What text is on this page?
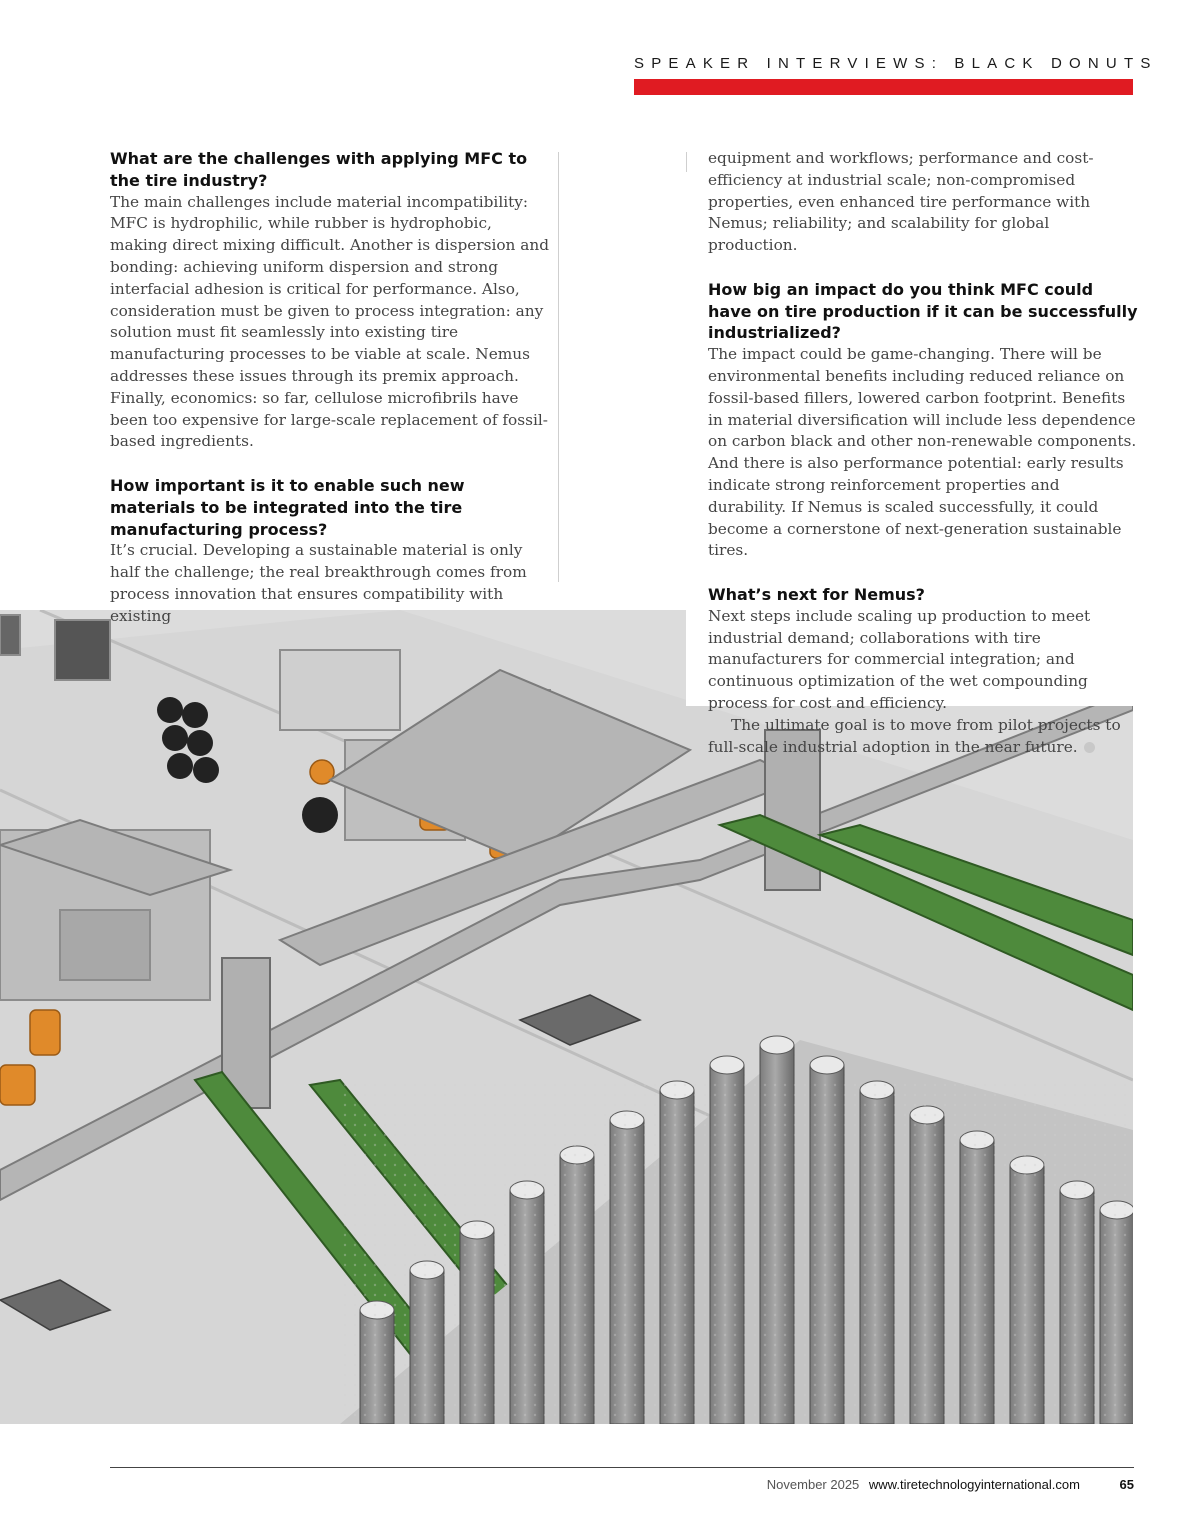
SPEAKER INTERVIEWS: BLACK DONUTS
What are the challenges with applying MFC to the tire industry?

The main challenges include material incompatibility: MFC is hydrophilic, while rubber is hydrophobic, making direct mixing difficult. Another is dispersion and bonding: achieving uniform dispersion and strong interfacial adhesion is critical for performance. Also, consideration must be given to process integration: any solution must fit seamlessly into existing tire manufacturing processes to be viable at scale. Nemus addresses these issues through its premix approach. Finally, economics: so far, cellulose microfibrils have been too expensive for large-scale replacement of fossil-based ingredients.

How important is it to enable such new materials to be integrated into the tire manufacturing process?

It’s crucial. Developing a sustainable material is only half the challenge; the real breakthrough comes from process innovation that ensures compatibility with existing

equipment and workflows; performance and cost-efficiency at industrial scale; non-compromised properties, even enhanced tire performance with Nemus; reliability; and scalability for global production.

How big an impact do you think MFC could have on tire production if it can be successfully industrialized?

The impact could be game-changing. There will be environmental benefits including reduced reliance on fossil-based fillers, lowered carbon footprint. Benefits in material diversification will include less dependence on carbon black and other non-renewable components. And there is also performance potential: early results indicate strong reinforcement properties and durability. If Nemus is scaled successfully, it could become a cornerstone of next-generation sustainable tires.

What’s next for Nemus?

Next steps include scaling up production to meet industrial demand; collaborations with tire manufacturers for commercial integration; and continuous optimization of the wet compounding process for cost and efficiency.

The ultimate goal is to move from pilot projects to full-scale industrial adoption in the near future.

November 2025 www.tiretechnologyinternational.com	65
